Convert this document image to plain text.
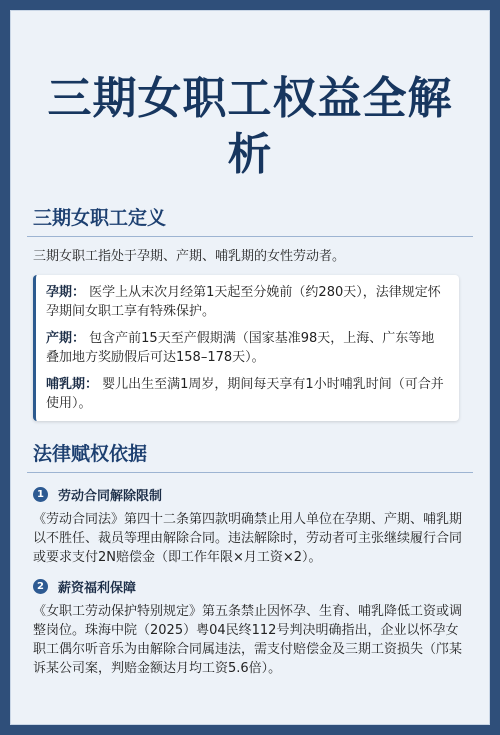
三期女职工权益全解析
三期女职工定义

三期女职工指处于孕期、产期、哺乳期的女性劳动者。

孕期： 医学上从末次月经第1天起至分娩前（约280天），法律规定怀孕期间女职工享有特殊保护。

产期： 包含产前15天至产假期满（国家基准98天，上海、广东等地叠加地方奖励假后可达158–178天）。

哺乳期： 婴儿出生至满1周岁，期间每天享有1小时哺乳时间（可合并使用）。

法律赋权依据
1	劳动合同解除限制

《劳动合同法》第四十二条第四款明确禁止用人单位在孕期、产期、哺乳期以不胜任、裁员等理由解除合同。违法解除时，劳动者可主张继续履行合同或要求支付2N赔偿金（即工作年限×月工资×2）。

2	薪资福利保障

《女职工劳动保护特别规定》第五条禁止因怀孕、生育、哺乳降低工资或调整岗位。珠海中院（2025）粤04民终112号判决明确指出，企业以怀孕女职工偶尔听音乐为由解除合同属违法，需支付赔偿金及三期工资损失（邝某诉某公司案，判赔金额达月均工资5.6倍）。
